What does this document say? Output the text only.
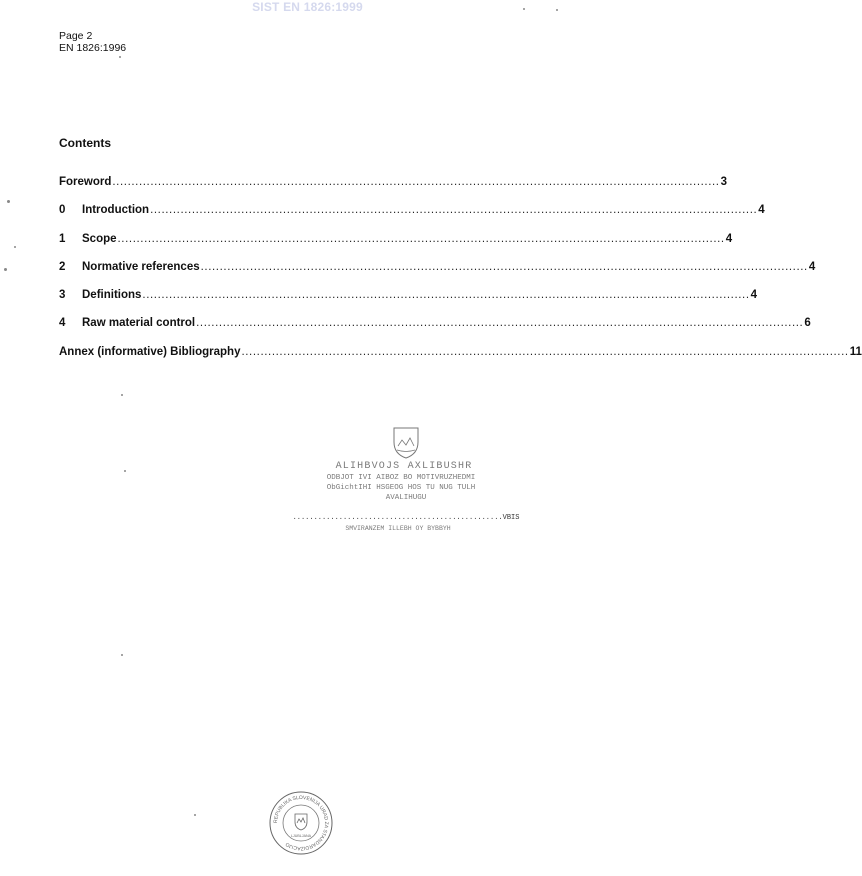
SIST EN 1826:1999
Page 2
EN 1826:1996
Contents
Foreword .....	3
0	Introduction .....	4
1	Scope .....	4
2	Normative references .....	4
3	Definitions .....	4
4	Raw material control .....	6
Annex (informative) Bibliography .....	11
ALIHBVOJS AXLIBUSHR
ODBJOT IVI AIBOZ BO MOTIVRUZHEDMI
ObGichtIHI HSGEOG HOS TU NUG TULH
AVALIHUGU
..................................................VBIS
SMVIRANZEM ILLEBH OY BYBBYH
REPUBLIKA SLOVENIJA URAD ZA STANDARDIZACIJO
LJUBLJANA
